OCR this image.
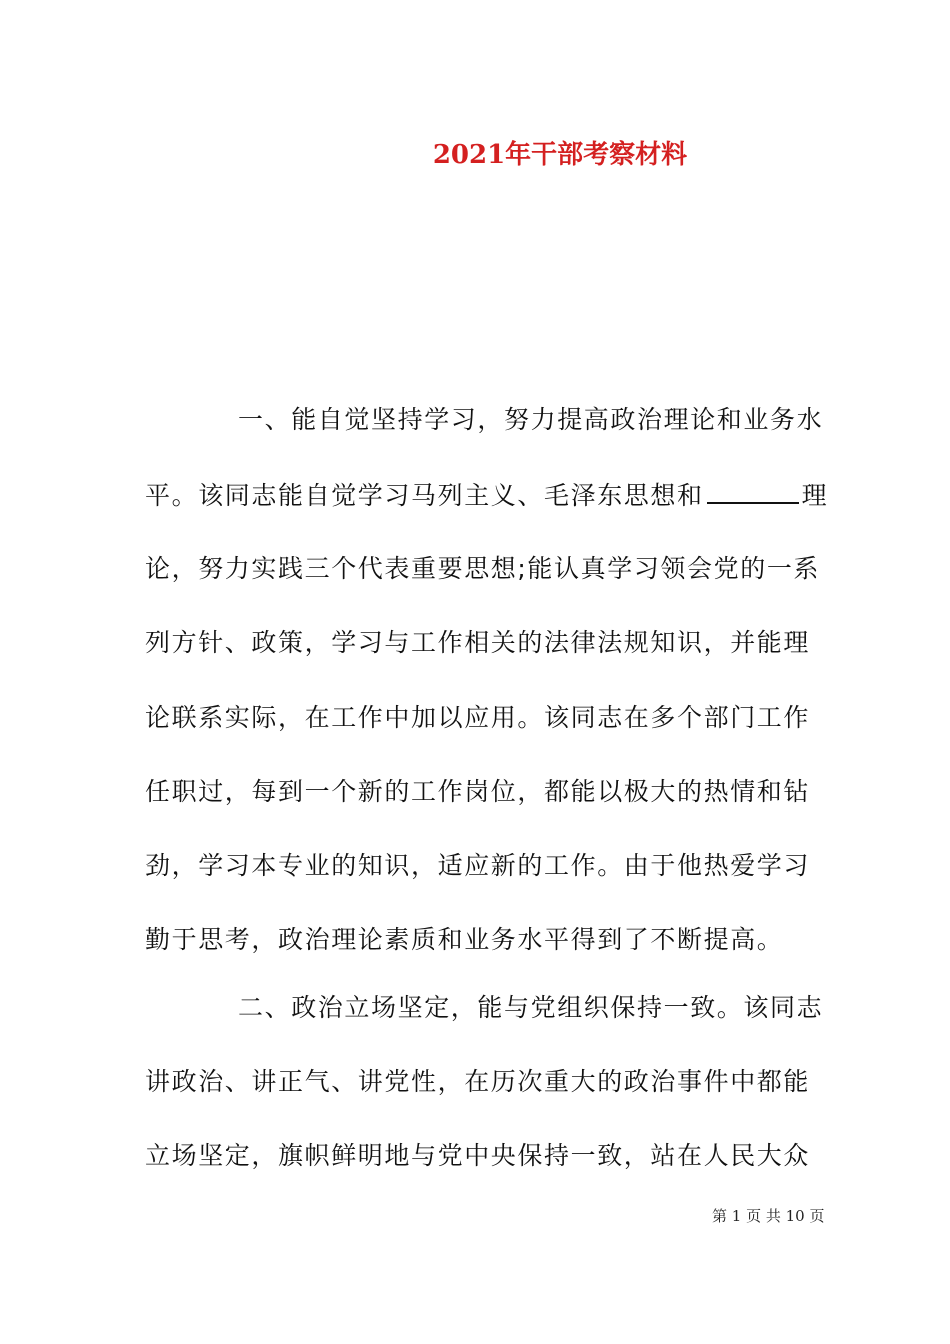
2021年干部考察材料
一、能自觉坚持学习，努力提高政治理论和业务水
平。该同志能自觉学习马列主义、毛泽东思想和	理
论，努力实践三个代表重要思想;能认真学习领会党的一系
列方针、政策，学习与工作相关的法律法规知识，并能理
论联系实际，在工作中加以应用。该同志在多个部门工作
任职过，每到一个新的工作岗位，都能以极大的热情和钻
劲，学习本专业的知识，适应新的工作。由于他热爱学习
勤于思考，政治理论素质和业务水平得到了不断提高。
二、政治立场坚定，能与党组织保持一致。该同志
讲政治、讲正气、讲党性，在历次重大的政治事件中都能
立场坚定，旗帜鲜明地与党中央保持一致，站在人民大众
第 1 页 共 10 页
